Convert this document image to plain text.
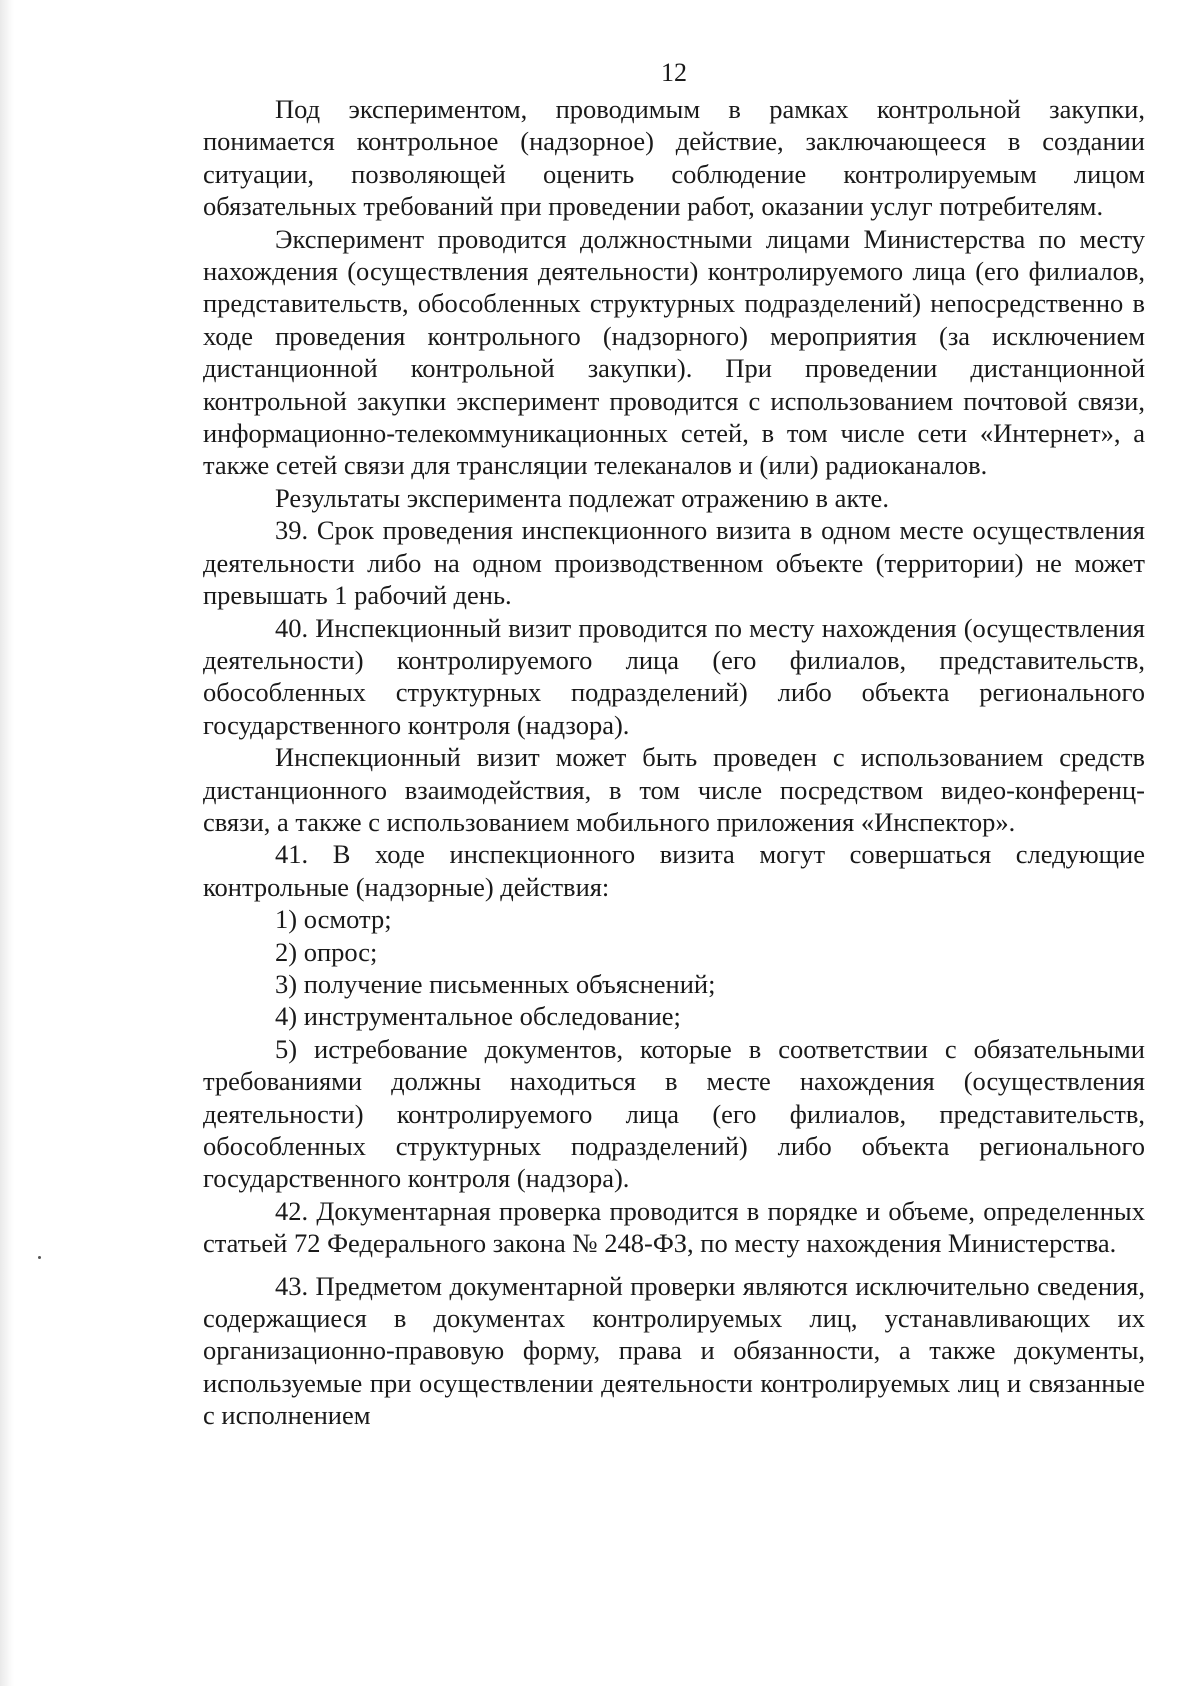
12

Под экспериментом, проводимым в рамках контрольной закупки, понимается контрольное (надзорное) действие, заключающееся в создании ситуации, позволяющей оценить соблюдение контролируемым лицом обязательных требований при проведении работ, оказании услуг потребителям.

Эксперимент проводится должностными лицами Министерства по месту нахождения (осуществления деятельности) контролируемого лица (его филиалов, представительств, обособленных структурных подразделений) непосредственно в ходе проведения контрольного (надзорного) мероприятия (за исключением дистанционной контрольной закупки). При проведении дистанционной контрольной закупки эксперимент проводится с использованием почтовой связи, информационно-телекоммуникационных сетей, в том числе сети «Интернет», а также сетей связи для трансляции телеканалов и (или) радиоканалов.

Результаты эксперимента подлежат отражению в акте.

39. Срок проведения инспекционного визита в одном месте осуществления деятельности либо на одном производственном объекте (территории) не может превышать 1 рабочий день.

40. Инспекционный визит проводится по месту нахождения (осуществления деятельности) контролируемого лица (его филиалов, представительств, обособленных структурных подразделений) либо объекта регионального государственного контроля (надзора).

Инспекционный визит может быть проведен с использованием средств дистанционного взаимодействия, в том числе посредством видео-конференц-связи, а также с использованием мобильного приложения «Инспектор».

41. В ходе инспекционного визита могут совершаться следующие контрольные (надзорные) действия:

1) осмотр;

2) опрос;

3) получение письменных объяснений;

4) инструментальное обследование;

5) истребование документов, которые в соответствии с обязательными требованиями должны находиться в месте нахождения (осуществления деятельности) контролируемого лица (его филиалов, представительств, обособленных структурных подразделений) либо объекта регионального государственного контроля (надзора).

42. Документарная проверка проводится в порядке и объеме, определенных статьей 72 Федерального закона № 248-ФЗ, по месту нахождения Министерства.

43. Предметом документарной проверки являются исключительно сведения, содержащиеся в документах контролируемых лиц, устанавливающих их организационно-правовую форму, права и обязанности, а также документы, используемые при осуществлении деятельности контролируемых лиц и связанные с исполнением
